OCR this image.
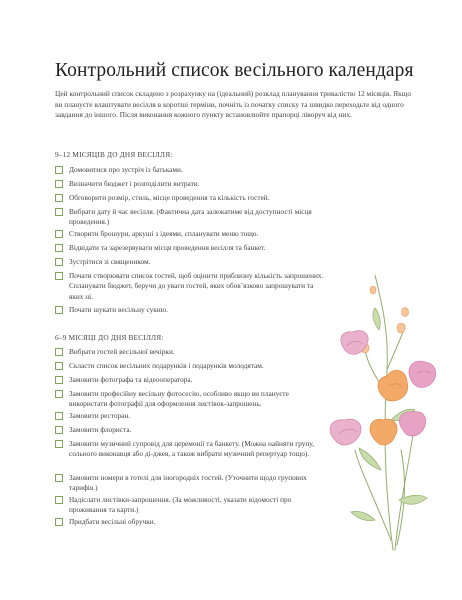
Контрольний список весільного календаря
Цей контрольний список складено з розрахунку на (ідеальний) розклад планування тривалістю 12 місяців. Якщо ви плануєте влаштувати весілля в коротші терміни, почніть із початку списку та швидко переходьте від одного завдання до іншого. Після виконання кожного пункту встановлюйте прапорці ліворуч від них.
9–12 МІСЯЦІВ ДО ДНЯ ВЕСІЛЛЯ:
Домовитися про зустріч із батьками.
Визначити бюджет і розподілити витрати.
Обговорити розмір, стиль, місце проведення та кількість гостей.
Вибрати дату й час весілля. (Фактична дата залежатиме від доступності місця проведення.)
Створити брошури, аркуші з ідеями, спланувати меню тощо.
Відвідати та зарезервувати місця проведення весілля та банкет.
Зустрітися зі священиком.
Почати створювати список гостей, щоб оцінити приблизну кількість запрошених. Спланувати бюджет, беручи до уваги гостей, яких обов’язково запрошувати та яких ні.
Почати шукати весільну сукню.
6–9 МІСЯЦІ ДО ДНЯ ВЕСІЛЛЯ:
Вибрати гостей весільної вечірки.
Скласти список весільних подарунків і подарунків молодятам.
Замовити фотографа та відеооператора.
Замовити професійну весільну фотосесію, особливо якщо ви плануєте використати фотографії для оформлення листівок-запрошень.
Замовити ресторан.
Замовити флориста.
Замовити музичний супровід для церемонії та банкету. (Можна найняти групу, сольного виконавця або ді-джея, а також вибрати музичний репертуар тощо).
Замовити номери в готелі для іногородніх гостей. (Уточнити щодо групових тарифів.)
Надіслати листівки-запрошення. (За можливості, указати відомості про проживання та карти.)
Придбати весільні обручки.
